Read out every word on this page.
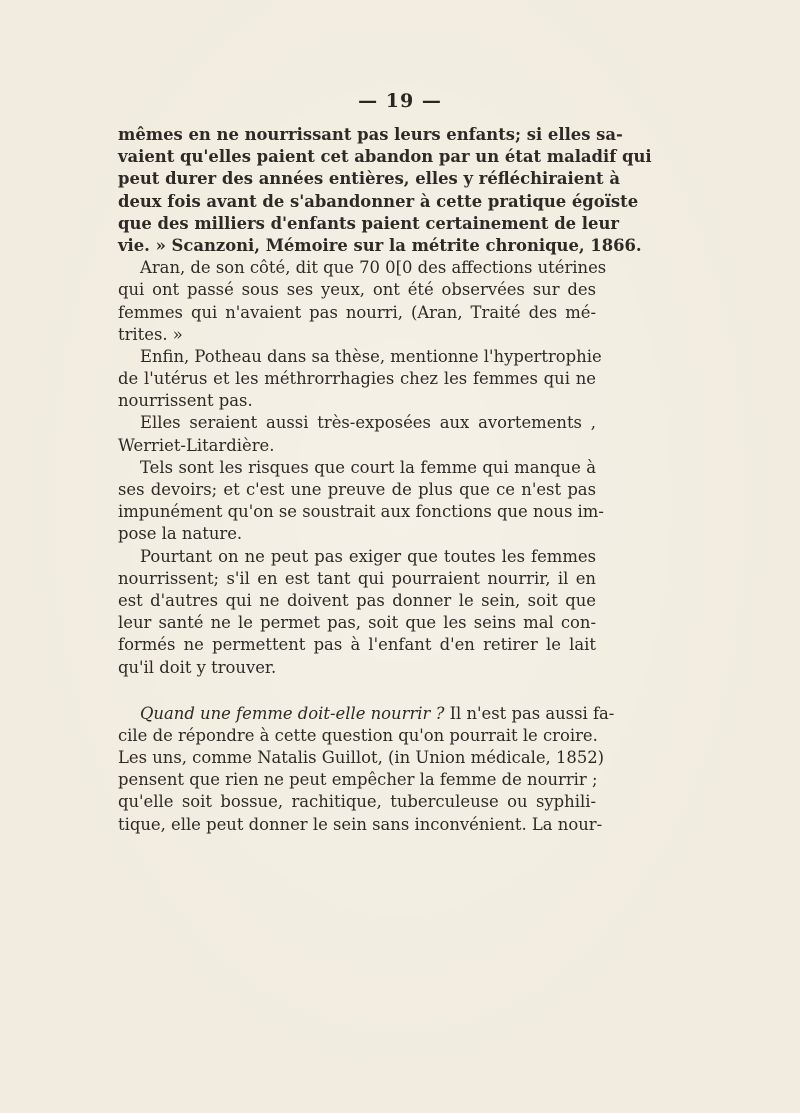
— 19 —
mêmes en ne nourrissant pas leurs enfants; si elles sa-
vaient qu'elles paient cet abandon par un état maladif qui
peut durer des années entières, elles y réfléchiraient à
deux fois avant de s'abandonner à cette pratique égoïste
que des milliers d'enfants paient certainement de leur
vie. » Scanzoni, Mémoire sur la métrite chronique, 1866.
Aran, de son côté, dit que 70 0[0 des affections utérines
qui ont passé sous ses yeux, ont été observées sur des
femmes qui n'avaient pas nourri, (Aran, Traité des mé-
trites. »
Enfin, Potheau dans sa thèse, mentionne l'hypertrophie
de l'utérus et les méthrorrhagies chez les femmes qui ne
nourrissent pas.
Elles seraient aussi très-exposées aux avortements ,
Werriet-Litardière.
Tels sont les risques que court la femme qui manque à
ses devoirs; et c'est une preuve de plus que ce n'est pas
impunément qu'on se soustrait aux fonctions que nous im-
pose la nature.
Pourtant on ne peut pas exiger que toutes les femmes
nourrissent; s'il en est tant qui pourraient nourrir, il en
est d'autres qui ne doivent pas donner le sein, soit que
leur santé ne le permet pas, soit que les seins mal con-
formés ne permettent pas à l'enfant d'en retirer le lait
qu'il doit y trouver.
Quand une femme doit-elle nourrir ? Il n'est pas aussi fa-
cile de répondre à cette question qu'on pourrait le croire.
Les uns, comme Natalis Guillot, (in Union médicale, 1852)
pensent que rien ne peut empêcher la femme de nourrir ;
qu'elle soit bossue, rachitique, tuberculeuse ou syphili-
tique, elle peut donner le sein sans inconvénient. La nour-
